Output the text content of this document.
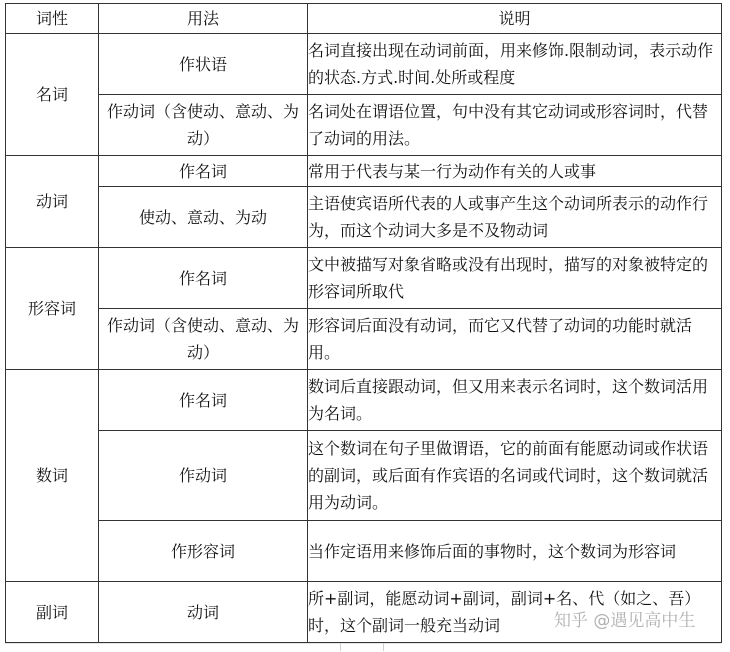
词性	用法	说明
名词	作状语	名词直接出现在动词前面，用来修饰.限制动词，表示动作的状态.方式.时间.处所或程度
	作动词（含使动、意动、为动）	名词处在谓语位置，句中没有其它动词或形容词时，代替了动词的用法。
动词	作名词	常用于代表与某一行为动作有关的人或事
	使动、意动、为动	主语使宾语所代表的人或事产生这个动词所表示的动作行为，而这个动词大多是不及物动词
形容词	作名词	文中被描写对象省略或没有出现时，描写的对象被特定的形容词所取代
	作动词（含使动、意动、为动）	形容词后面没有动词，而它又代替了动词的功能时就活用。
数词	作名词	数词后直接跟动词，但又用来表示名词时，这个数词活用为名词。
	作动词	这个数词在句子里做谓语，它的前面有能愿动词或作状语的副词，或后面有作宾语的名词或代词时，这个数词就活用为动词。
	作形容词	当作定语用来修饰后面的事物时，这个数词为形容词
副词	动词	所+副词，能愿动词+副词，副词+名、代（如之、吾）时，这个副词一般充当动词	知乎 @遇见高中生
